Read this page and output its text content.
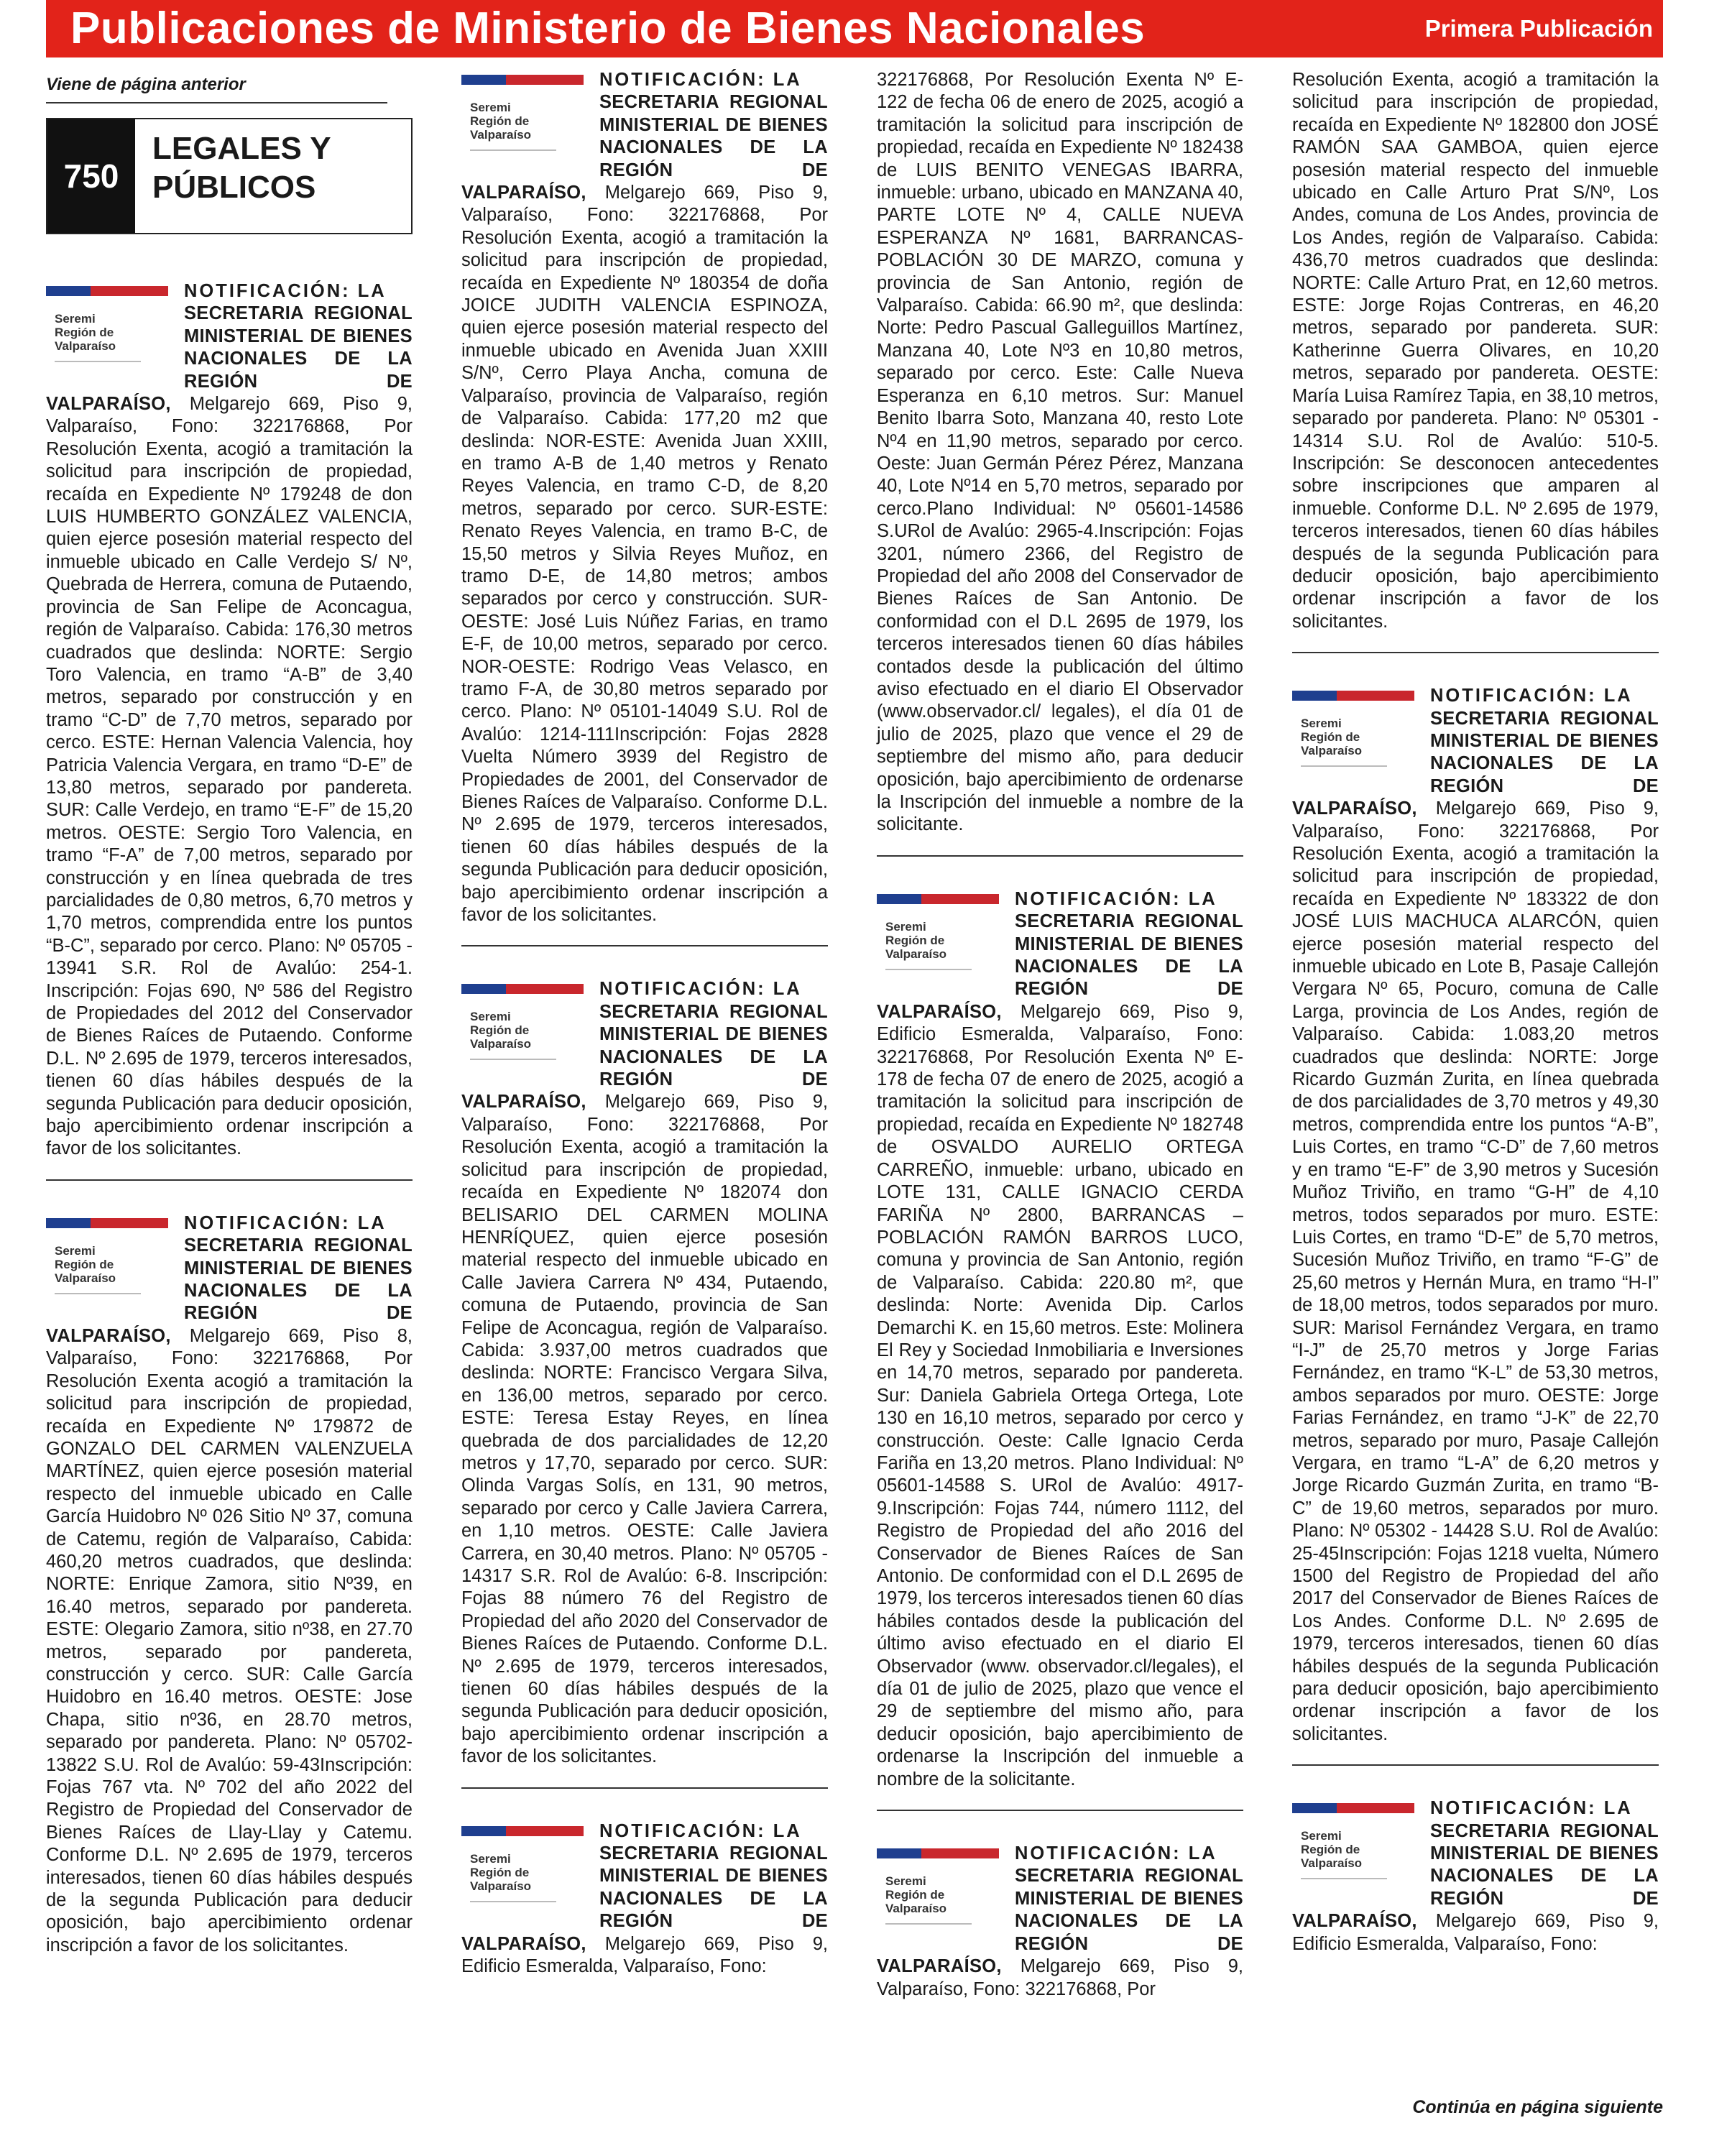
Publicaciones de Ministerio de Bienes Nacionales	Primera Publicación
Viene de página anterior
750
LEGALES Y
PÚBLICOS
Seremi
Región de
Valparaíso
NOTIFICACIÓN: LA
SECRETARIA REGIONAL MINISTERIAL DE BIENES NACIONALES DE LA REGIÓN DE VALPARAÍSO, Melgarejo 669, Piso 9, Valparaíso, Fono: 322176868, Por Resolución Exenta, acogió a tramitación la solicitud para inscripción de propiedad, recaída en Expediente Nº 179248 de don LUIS HUMBERTO GONZÁLEZ VALENCIA, quien ejerce posesión material respecto del inmueble ubicado en Calle Verdejo S/ Nº, Quebrada de Herrera, comuna de Putaendo, provincia de San Felipe de Aconcagua, región de Valparaíso. Cabida: 176,30 metros cuadrados que deslinda: NORTE: Sergio Toro Valencia, en tramo “A-B” de 3,40 metros, separado por construcción y en tramo “C-D” de 7,70 metros, separado por cerco. ESTE: Hernan Valencia Valencia, hoy Patricia Valencia Vergara, en tramo “D-E” de 13,80 metros, separado por pandereta. SUR: Calle Verdejo, en tramo “E-F” de 15,20 metros. OESTE: Sergio Toro Valencia, en tramo “F-A” de 7,00 metros, separado por construcción y en línea quebrada de tres parcialidades de 0,80 metros, 6,70 metros y 1,70 metros, comprendida entre los puntos “B-C”, separado por cerco. Plano: Nº 05705 - 13941 S.R. Rol de Avalúo: 254-1. Inscripción: Fojas 690, Nº 586 del Registro de Propiedades del 2012 del Conservador de Bienes Raíces de Putaendo. Conforme D.L. Nº 2.695 de 1979, terceros interesados, tienen 60 días hábiles después de la segunda Publicación para deducir oposición, bajo apercibimiento ordenar inscripción a favor de los solicitantes.
Seremi
Región de
Valparaíso
NOTIFICACIÓN: LA
SECRETARIA REGIONAL MINISTERIAL DE BIENES NACIONALES DE LA REGIÓN DE VALPARAÍSO, Melgarejo 669, Piso 8, Valparaíso, Fono: 322176868, Por Resolución Exenta acogió a tramitación la solicitud para inscripción de propiedad, recaída en Expediente Nº 179872 de GONZALO DEL CARMEN VALENZUELA MARTÍNEZ, quien ejerce posesión material respecto del inmueble ubicado en Calle García Huidobro Nº 026 Sitio Nº 37, comuna de Catemu, región de Valparaíso, Cabida: 460,20 metros cuadrados, que deslinda: NORTE: Enrique Zamora, sitio Nº39, en 16.40 metros, separado por pandereta. ESTE: Olegario Zamora, sitio nº38, en 27.70 metros, separado por pandereta, construcción y cerco. SUR: Calle García Huidobro en 16.40 metros. OESTE: Jose Chapa, sitio nº36, en 28.70 metros, separado por pandereta. Plano: Nº 05702-13822 S.U. Rol de Avalúo: 59-43Inscripción: Fojas 767 vta. Nº 702 del año 2022 del Registro de Propiedad del Conservador de Bienes Raíces de Llay-Llay y Catemu. Conforme D.L. Nº 2.695 de 1979, terceros interesados, tienen 60 días hábiles después de la segunda Publicación para deducir oposición, bajo apercibimiento ordenar inscripción a favor de los solicitantes.
Seremi
Región de
Valparaíso
NOTIFICACIÓN: LA
SECRETARIA REGIONAL MINISTERIAL DE BIENES NACIONALES DE LA REGIÓN DE VALPARAÍSO, Melgarejo 669, Piso 9, Valparaíso, Fono: 322176868, Por Resolución Exenta, acogió a tramitación la solicitud para inscripción de propiedad, recaída en Expediente Nº 180354 de doña JOICE JUDITH VALENCIA ESPINOZA, quien ejerce posesión material respecto del inmueble ubicado en Avenida Juan XXIII S/Nº, Cerro Playa Ancha, comuna de Valparaíso, provincia de Valparaíso, región de Valparaíso. Cabida: 177,20 m2 que deslinda: NOR-ESTE: Avenida Juan XXIII, en tramo A-B de 1,40 metros y Renato Reyes Valencia, en tramo C-D, de 8,20 metros, separado por cerco. SUR-ESTE: Renato Reyes Valencia, en tramo B-C, de 15,50 metros y Silvia Reyes Muñoz, en tramo D-E, de 14,80 metros; ambos separados por cerco y construcción. SUR-OESTE: José Luis Núñez Farias, en tramo E-F, de 10,00 metros, separado por cerco. NOR-OESTE: Rodrigo Veas Velasco, en tramo F-A, de 30,80 metros separado por cerco. Plano: Nº 05101-14049 S.U. Rol de Avalúo: 1214-111Inscripción: Fojas 2828 Vuelta Número 3939 del Registro de Propiedades de 2001, del Conservador de Bienes Raíces de Valparaíso. Conforme D.L. Nº 2.695 de 1979, terceros interesados, tienen 60 días hábiles después de la segunda Publicación para deducir oposición, bajo apercibimiento ordenar inscripción a favor de los solicitantes.
Seremi
Región de
Valparaíso
NOTIFICACIÓN: LA
SECRETARIA REGIONAL MINISTERIAL DE BIENES NACIONALES DE LA REGIÓN DE VALPARAÍSO, Melgarejo 669, Piso 9, Valparaíso, Fono: 322176868, Por Resolución Exenta, acogió a tramitación la solicitud para inscripción de propiedad, recaída en Expediente Nº 182074 don BELISARIO DEL CARMEN MOLINA HENRÍQUEZ, quien ejerce posesión material respecto del inmueble ubicado en Calle Javiera Carrera Nº 434, Putaendo, comuna de Putaendo, provincia de San Felipe de Aconcagua, región de Valparaíso. Cabida: 3.937,00 metros cuadrados que deslinda: NORTE: Francisco Vergara Silva, en 136,00 metros, separado por cerco. ESTE: Teresa Estay Reyes, en línea quebrada de dos parcialidades de 12,20 metros y 17,70, separado por cerco. SUR: Olinda Vargas Solís, en 131, 90 metros, separado por cerco y Calle Javiera Carrera, en 1,10 metros. OESTE: Calle Javiera Carrera, en 30,40 metros. Plano: Nº 05705 - 14317 S.R. Rol de Avalúo: 6-8. Inscripción: Fojas 88 número 76 del Registro de Propiedad del año 2020 del Conservador de Bienes Raíces de Putaendo. Conforme D.L. Nº 2.695 de 1979, terceros interesados, tienen 60 días hábiles después de la segunda Publicación para deducir oposición, bajo apercibimiento ordenar inscripción a favor de los solicitantes.
Seremi
Región de
Valparaíso
NOTIFICACIÓN: LA
SECRETARIA REGIONAL MINISTERIAL DE BIENES NACIONALES DE LA REGIÓN DE VALPARAÍSO, Melgarejo 669, Piso 9, Edificio Esmeralda, Valparaíso, Fono:
322176868, Por Resolución Exenta Nº E-122 de fecha 06 de enero de 2025, acogió a tramitación la solicitud para inscripción de propiedad, recaída en Expediente Nº 182438 de LUIS BENITO VENEGAS IBARRA, inmueble: urbano, ubicado en MANZANA 40, PARTE LOTE Nº 4, CALLE NUEVA ESPERANZA Nº 1681, BARRANCAS-POBLACIÓN 30 DE MARZO, comuna y provincia de San Antonio, región de Valparaíso. Cabida: 66.90 m², que deslinda: Norte: Pedro Pascual Galleguillos Martínez, Manzana 40, Lote Nº3 en 10,80 metros, separado por cerco. Este: Calle Nueva Esperanza en 6,10 metros. Sur: Manuel Benito Ibarra Soto, Manzana 40, resto Lote Nº4 en 11,90 metros, separado por cerco. Oeste: Juan Germán Pérez Pérez, Manzana 40, Lote Nº14 en 5,70 metros, separado por cerco.Plano Individual: Nº 05601-14586 S.URol de Avalúo: 2965-4.Inscripción: Fojas 3201, número 2366, del Registro de Propiedad del año 2008 del Conservador de Bienes Raíces de San Antonio. De conformidad con el D.L 2695 de 1979, los terceros interesados tienen 60 días hábiles contados desde la publicación del último aviso efectuado en el diario El Observador (www.observador.cl/ legales), el día 01 de julio de 2025, plazo que vence el 29 de septiembre del mismo año, para deducir oposición, bajo apercibimiento de ordenarse la Inscripción del inmueble a nombre de la solicitante.
Seremi
Región de
Valparaíso
NOTIFICACIÓN: LA
SECRETARIA REGIONAL MINISTERIAL DE BIENES NACIONALES DE LA REGIÓN DE VALPARAÍSO, Melgarejo 669, Piso 9, Edificio Esmeralda, Valparaíso, Fono: 322176868, Por Resolución Exenta Nº E-178 de fecha 07 de enero de 2025, acogió a tramitación la solicitud para inscripción de propiedad, recaída en Expediente Nº 182748 de OSVALDO AURELIO ORTEGA CARREÑO, inmueble: urbano, ubicado en LOTE 131, CALLE IGNACIO CERDA FARIÑA Nº 2800, BARRANCAS – POBLACIÓN RAMÓN BARROS LUCO, comuna y provincia de San Antonio, región de Valparaíso. Cabida: 220.80 m², que deslinda: Norte: Avenida Dip. Carlos Demarchi K. en 15,60 metros. Este: Molinera El Rey y Sociedad Inmobiliaria e Inversiones en 14,70 metros, separado por pandereta. Sur: Daniela Gabriela Ortega Ortega, Lote 130 en 16,10 metros, separado por cerco y construcción. Oeste: Calle Ignacio Cerda Fariña en 13,20 metros. Plano Individual: Nº 05601-14588 S. URol de Avalúo: 4917-9.Inscripción: Fojas 744, número 1112, del Registro de Propiedad del año 2016 del Conservador de Bienes Raíces de San Antonio. De conformidad con el D.L 2695 de 1979, los terceros interesados tienen 60 días hábiles contados desde la publicación del último aviso efectuado en el diario El Observador (www. observador.cl/legales), el día 01 de julio de 2025, plazo que vence el 29 de septiembre del mismo año, para deducir oposición, bajo apercibimiento de ordenarse la Inscripción del inmueble a nombre de la solicitante.
Seremi
Región de
Valparaíso
NOTIFICACIÓN: LA
SECRETARIA REGIONAL MINISTERIAL DE BIENES NACIONALES DE LA REGIÓN DE VALPARAÍSO, Melgarejo 669, Piso 9, Valparaíso, Fono: 322176868, Por
Resolución Exenta, acogió a tramitación la solicitud para inscripción de propiedad, recaída en Expediente Nº 182800 don JOSÉ RAMÓN SAA GAMBOA, quien ejerce posesión material respecto del inmueble ubicado en Calle Arturo Prat S/Nº, Los Andes, comuna de Los Andes, provincia de Los Andes, región de Valparaíso. Cabida: 436,70 metros cuadrados que deslinda: NORTE: Calle Arturo Prat, en 12,60 metros. ESTE: Jorge Rojas Contreras, en 46,20 metros, separado por pandereta. SUR: Katherinne Guerra Olivares, en 10,20 metros, separado por pandereta. OESTE: María Luisa Ramírez Tapia, en 38,10 metros, separado por pandereta. Plano: Nº 05301 - 14314 S.U. Rol de Avalúo: 510-5. Inscripción: Se desconocen antecedentes sobre inscripciones que amparen al inmueble. Conforme D.L. Nº 2.695 de 1979, terceros interesados, tienen 60 días hábiles después de la segunda Publicación para deducir oposición, bajo apercibimiento ordenar inscripción a favor de los solicitantes.
Seremi
Región de
Valparaíso
NOTIFICACIÓN: LA
SECRETARIA REGIONAL MINISTERIAL DE BIENES NACIONALES DE LA REGIÓN DE VALPARAÍSO, Melgarejo 669, Piso 9, Valparaíso, Fono: 322176868, Por Resolución Exenta, acogió a tramitación la solicitud para inscripción de propiedad, recaída en Expediente Nº 183322 de don JOSÉ LUIS MACHUCA ALARCÓN, quien ejerce posesión material respecto del inmueble ubicado en Lote B, Pasaje Callejón Vergara Nº 65, Pocuro, comuna de Calle Larga, provincia de Los Andes, región de Valparaíso. Cabida: 1.083,20 metros cuadrados que deslinda: NORTE: Jorge Ricardo Guzmán Zurita, en línea quebrada de dos parcialidades de 3,70 metros y 49,30 metros, comprendida entre los puntos “A-B”, Luis Cortes, en tramo “C-D” de 7,60 metros y en tramo “E-F” de 3,90 metros y Sucesión Muñoz Triviño, en tramo “G-H” de 4,10 metros, todos separados por muro. ESTE: Luis Cortes, en tramo “D-E” de 5,70 metros, Sucesión Muñoz Triviño, en tramo “F-G” de 25,60 metros y Hernán Mura, en tramo “H-I” de 18,00 metros, todos separados por muro. SUR: Marisol Fernández Vergara, en tramo “I-J” de 25,70 metros y Jorge Farias Fernández, en tramo “K-L” de 53,30 metros, ambos separados por muro. OESTE: Jorge Farias Fernández, en tramo “J-K” de 22,70 metros, separado por muro, Pasaje Callejón Vergara, en tramo “L-A” de 6,20 metros y Jorge Ricardo Guzmán Zurita, en tramo “B-C” de 19,60 metros, separados por muro. Plano: Nº 05302 - 14428 S.U. Rol de Avalúo: 25-45Inscripción: Fojas 1218 vuelta, Número 1500 del Registro de Propiedad del año 2017 del Conservador de Bienes Raíces de Los Andes. Conforme D.L. Nº 2.695 de 1979, terceros interesados, tienen 60 días hábiles después de la segunda Publicación para deducir oposición, bajo apercibimiento ordenar inscripción a favor de los solicitantes.
Seremi
Región de
Valparaíso
NOTIFICACIÓN: LA
SECRETARIA REGIONAL MINISTERIAL DE BIENES NACIONALES DE LA REGIÓN DE VALPARAÍSO, Melgarejo 669, Piso 9, Edificio Esmeralda, Valparaíso, Fono:
Continúa en página siguiente
